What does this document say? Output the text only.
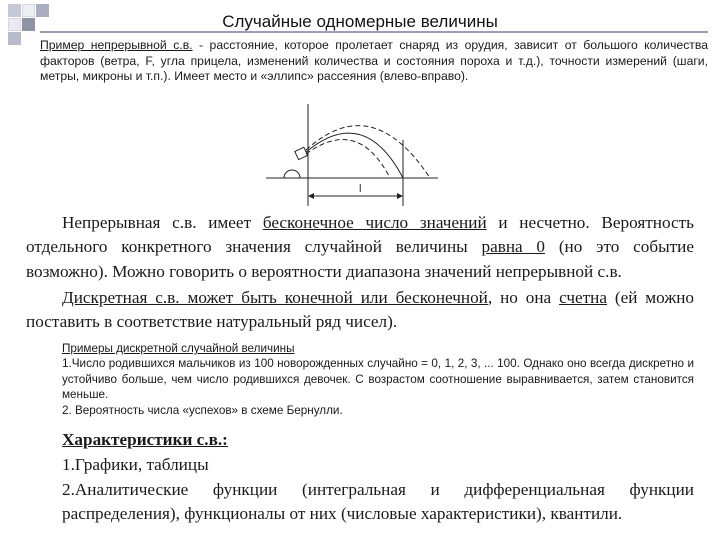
Случайные одномерные величины
Пример непрерывной с.в. - расстояние, которое пролетает снаряд из орудия, зависит от большого количества факторов (ветра, F, угла прицела, изменений количества и состояния пороха и т.д.), точности измерений (шаги, метры, микроны и т.п.). Имеет место и «эллипс» рассеяния (влево-вправо).
l
Непрерывная с.в. имеет бесконечное число значений и несчетно. Вероятность отдельного конкретного значения случайной величины равна 0 (но это событие возможно). Можно говорить о вероятности диапазона значений непрерывной с.в.
Дискретная с.в. может быть конечной или бесконечной, но она счетна (ей можно поставить в соответствие натуральный ряд чисел).
Примеры дискретной случайной величины
1.Число родившихся мальчиков из 100 новорожденных случайно = 0, 1, 2, 3, ... 100. Однако оно всегда дискретно и устойчиво больше, чем число родившихся девочек. С возрастом соотношение выравнивается, затем становится меньше.
2. Вероятность числа «успехов» в схеме Бернулли.
Характеристики с.в.:
1.Графики, таблицы
2.Аналитические функции (интегральная и дифференциальная функции распределения), функционалы от них (числовые характеристики), квантили.
